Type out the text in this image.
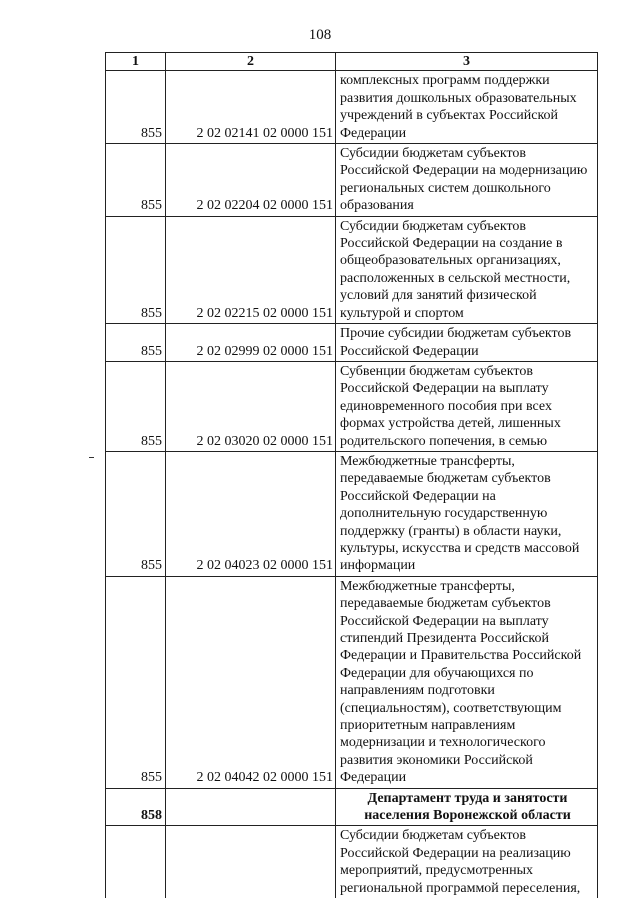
108
1	2	3
855	2 02 02141 02 0000 151	комплексных программ поддержки развития дошкольных образовательных учреждений в субъектах Российской Федерации
855	2 02 02204 02 0000 151	Субсидии бюджетам субъектов Российской Федерации на модернизацию региональных систем дошкольного образования
855	2 02 02215 02 0000 151	Субсидии бюджетам субъектов Российской Федерации на создание в общеобразовательных организациях, расположенных в сельской местности, условий для занятий физической культурой и спортом
855	2 02 02999 02 0000 151	Прочие субсидии бюджетам субъектов Российской Федерации
855	2 02 03020 02 0000 151	Субвенции бюджетам субъектов Российской Федерации на выплату единовременного пособия при всех формах устройства детей, лишенных родительского попечения, в семью
855	2 02 04023 02 0000 151	Межбюджетные трансферты, передаваемые бюджетам субъектов Российской Федерации на дополнительную государственную поддержку (гранты) в области науки, культуры, искусства и средств массовой информации
855	2 02 04042 02 0000 151	Межбюджетные трансферты, передаваемые бюджетам субъектов Российской Федерации на выплату стипендий Президента Российской Федерации и Правительства Российской Федерации для обучающихся по направлениям подготовки (специальностям), соответствующим приоритетным направлениям модернизации и технологического развития экономики Российской Федерации
858		Департамент труда и занятости населения Воронежской области
		Субсидии бюджетам субъектов Российской Федерации на реализацию мероприятий, предусмотренных региональной программой переселения,
